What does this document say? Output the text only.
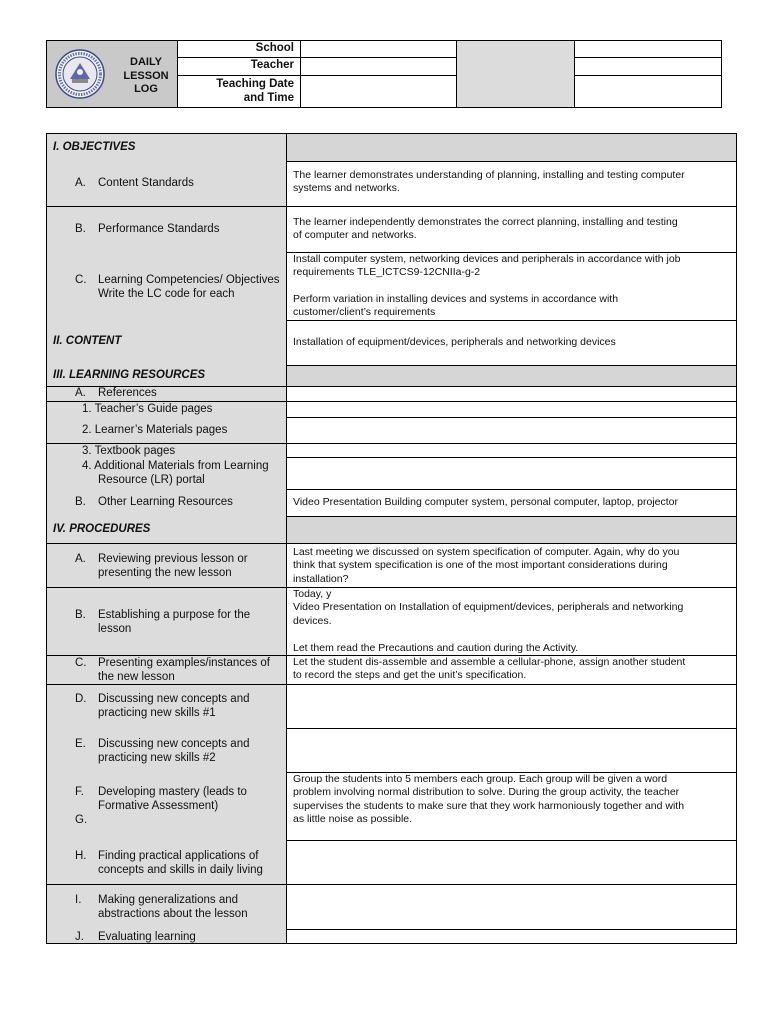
DAILY
LESSON
LOG
School
Teacher
Teaching Date
and Time
I. OBJECTIVES
A. Content Standards
The learner demonstrates understanding of planning, installing and testing computer
systems and networks.
B. Performance Standards
The learner independently demonstrates the correct planning, installing and testing
of computer and networks.
C. Learning Competencies/ Objectives
Write the LC code for each
Install computer system, networking devices and peripherals in accordance with job
requirements TLE_ICTCS9-12CNIIa-g-2
Perform variation in installing devices and systems in accordance with
customer/client’s requirements
II. CONTENT	Installation of equipment/devices, peripherals and networking devices
III. LEARNING RESOURCES
A. References
1. Teacher’s Guide pages
2. Learner’s Materials pages
3. Textbook pages
4. Additional Materials from Learning
Resource (LR) portal
B. Other Learning Resources	Video Presentation Building computer system, personal computer, laptop, projector
IV. PROCEDURES
A. Reviewing previous lesson or
presenting the new lesson
Last meeting we discussed on system specification of computer. Again, why do you
think that system specification is one of the most important considerations during
installation?
B. Establishing a purpose for the
lesson
Today, y
Video Presentation on Installation of equipment/devices, peripherals and networking
devices.

Let them read the Precautions and caution during the Activity.
C. Presenting examples/instances of
the new lesson
Let the student dis-assemble and assemble a cellular-phone, assign another student
to record the steps and get the unit’s specification.
D. Discussing new concepts and
practicing new skills #1
E. Discussing new concepts and
practicing new skills #2
F. Developing mastery (leads to
Formative Assessment)
G.
Group the students into 5 members each group. Each group will be given a word
problem involving normal distribution to solve. During the group activity, the teacher
supervises the students to make sure that they work harmoniously together and with
as little noise as possible.
H. Finding practical applications of
concepts and skills in daily living
I. Making generalizations and
abstractions about the lesson
J. Evaluating learning
